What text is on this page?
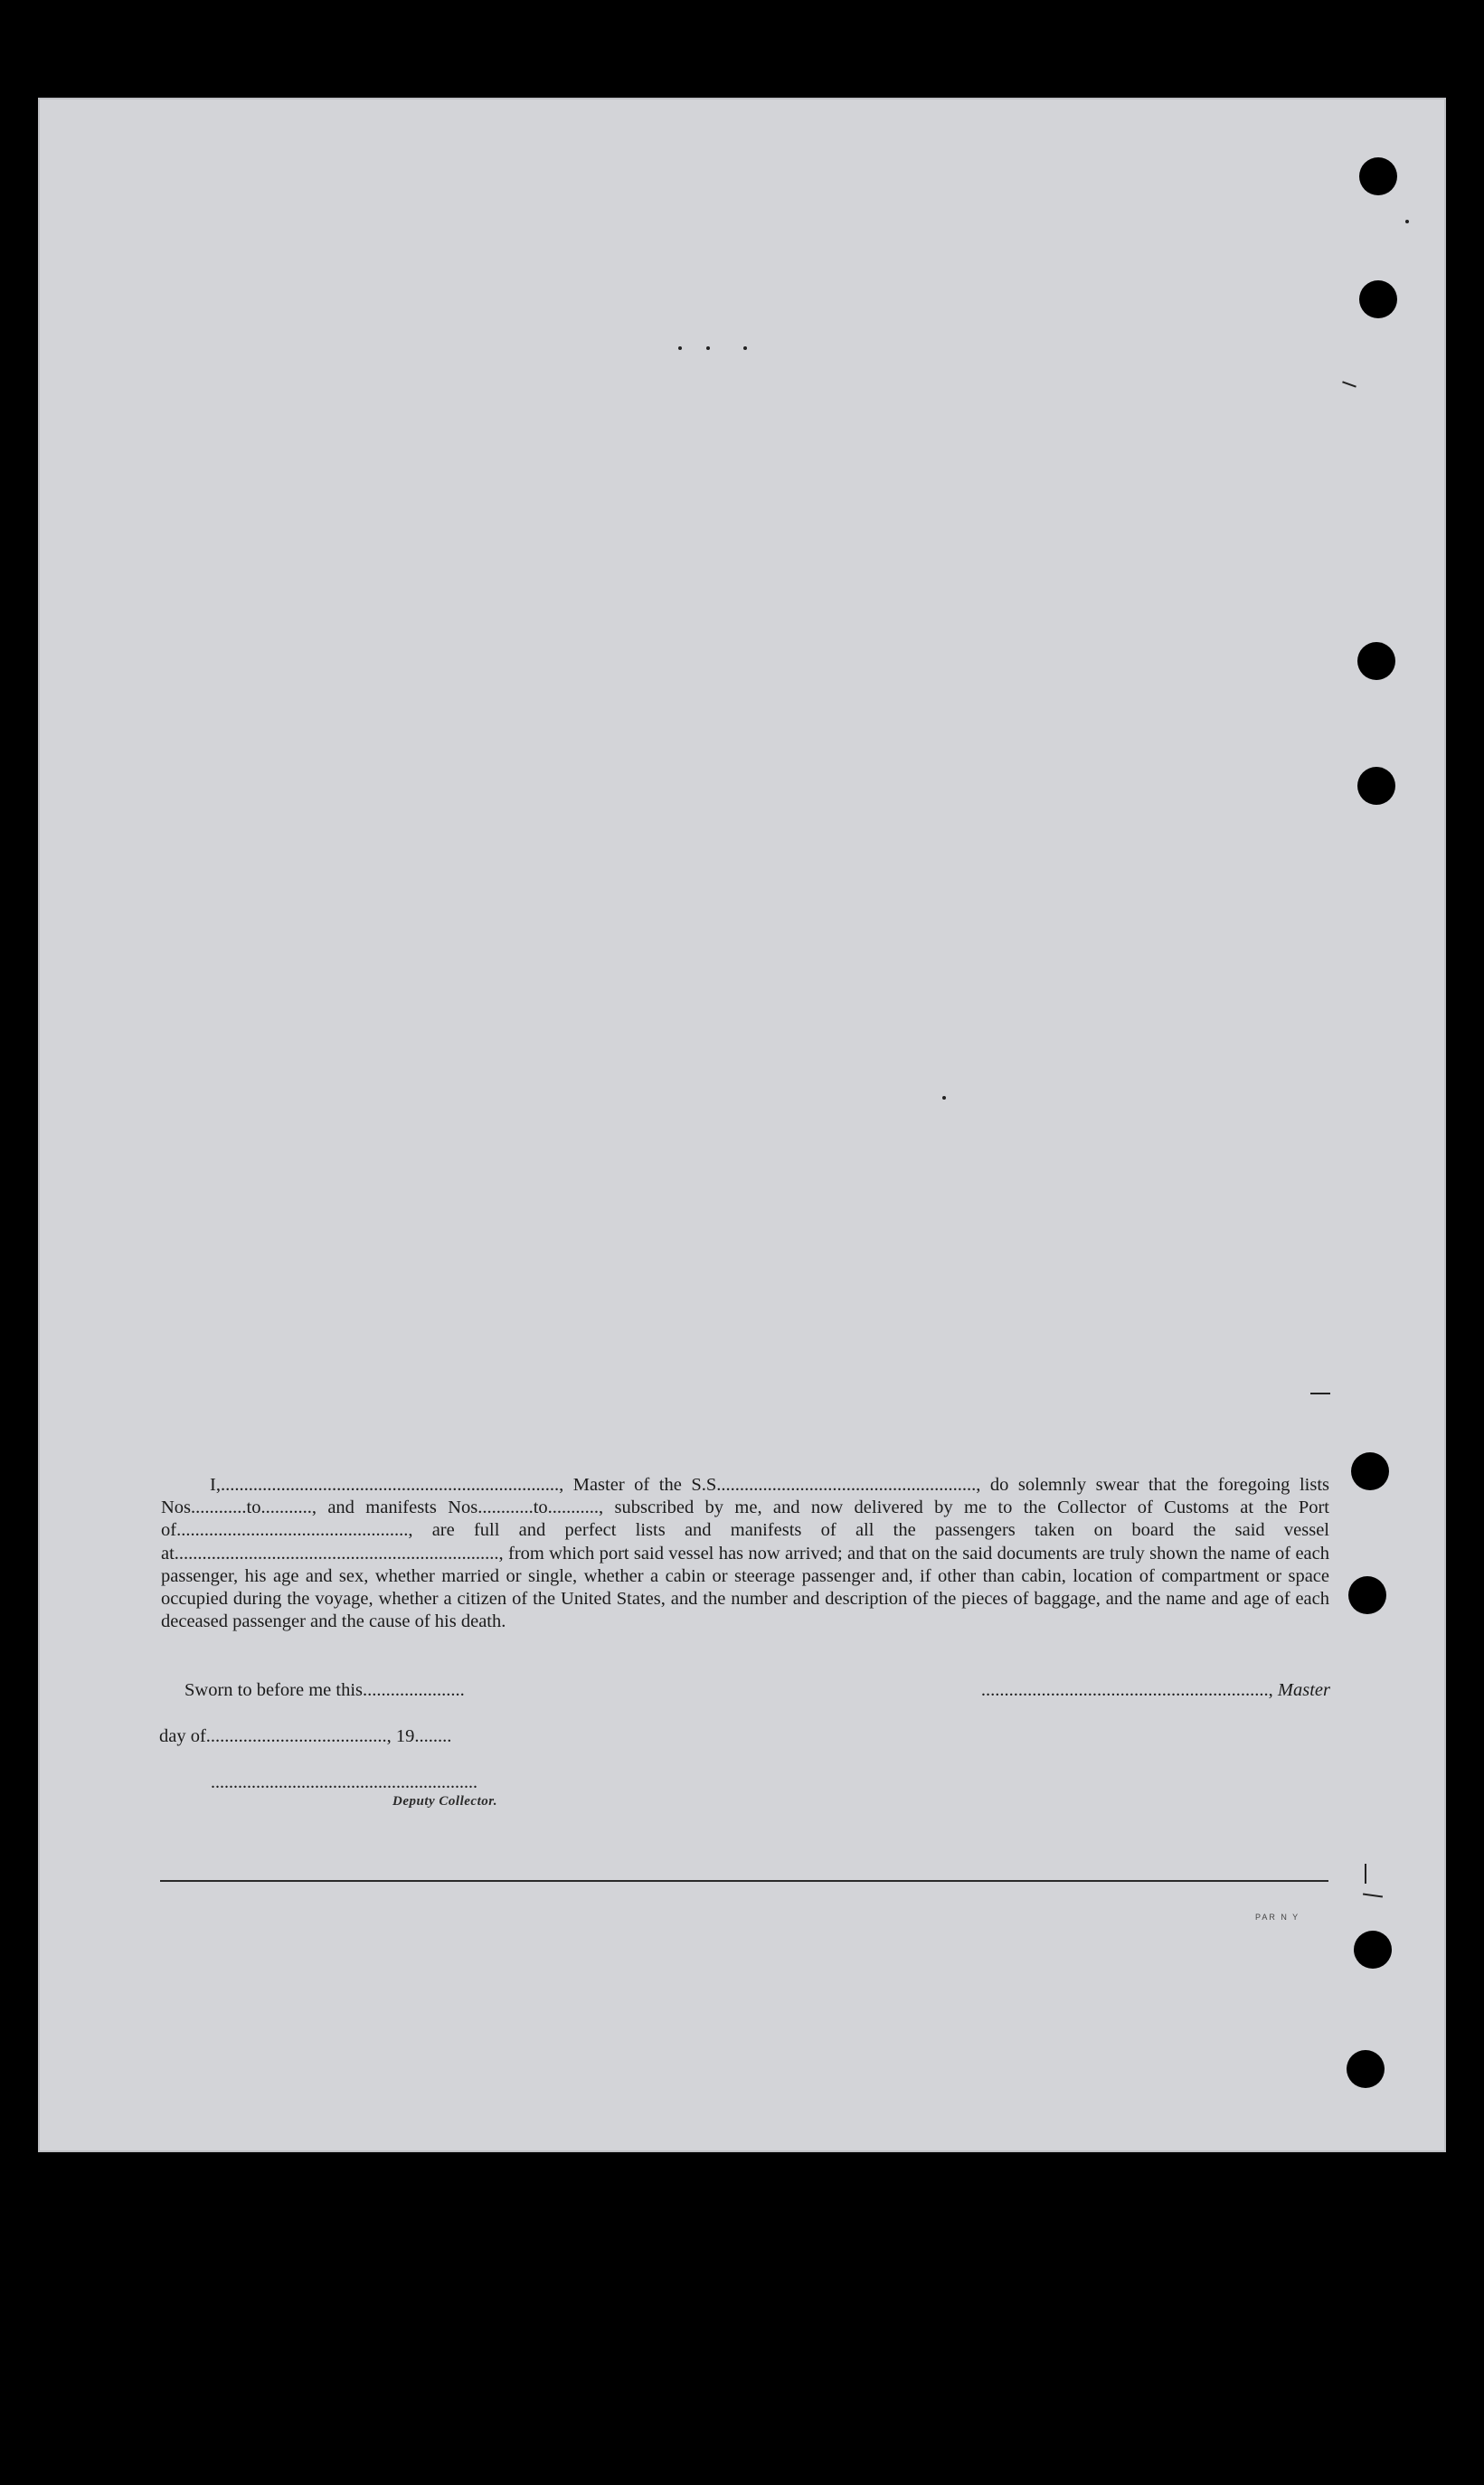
I,........................................................................., Master of the S.S........................................................, do solemnly swear that the foregoing lists Nos............to..........., and manifests Nos............to..........., subscribed by me, and now delivered by me to the Collector of Customs at the Port of.................................................., are full and perfect lists and manifests of all the passengers taken on board the said vessel at......................................................................, from which port said vessel has now arrived; and that on the said documents are truly shown the name of each passenger, his age and sex, whether married or single, whether a cabin or steerage passenger and, if other than cabin, location of compartment or space occupied during the voyage, whether a citizen of the United States, and the number and description of the pieces of baggage, and the name and age of each deceased passenger and the cause of his death.

Sworn to before me this......................	.............................................................., Master
day of......................................., 19........
...........................................................
Deputy Collector.
PAR N Y
